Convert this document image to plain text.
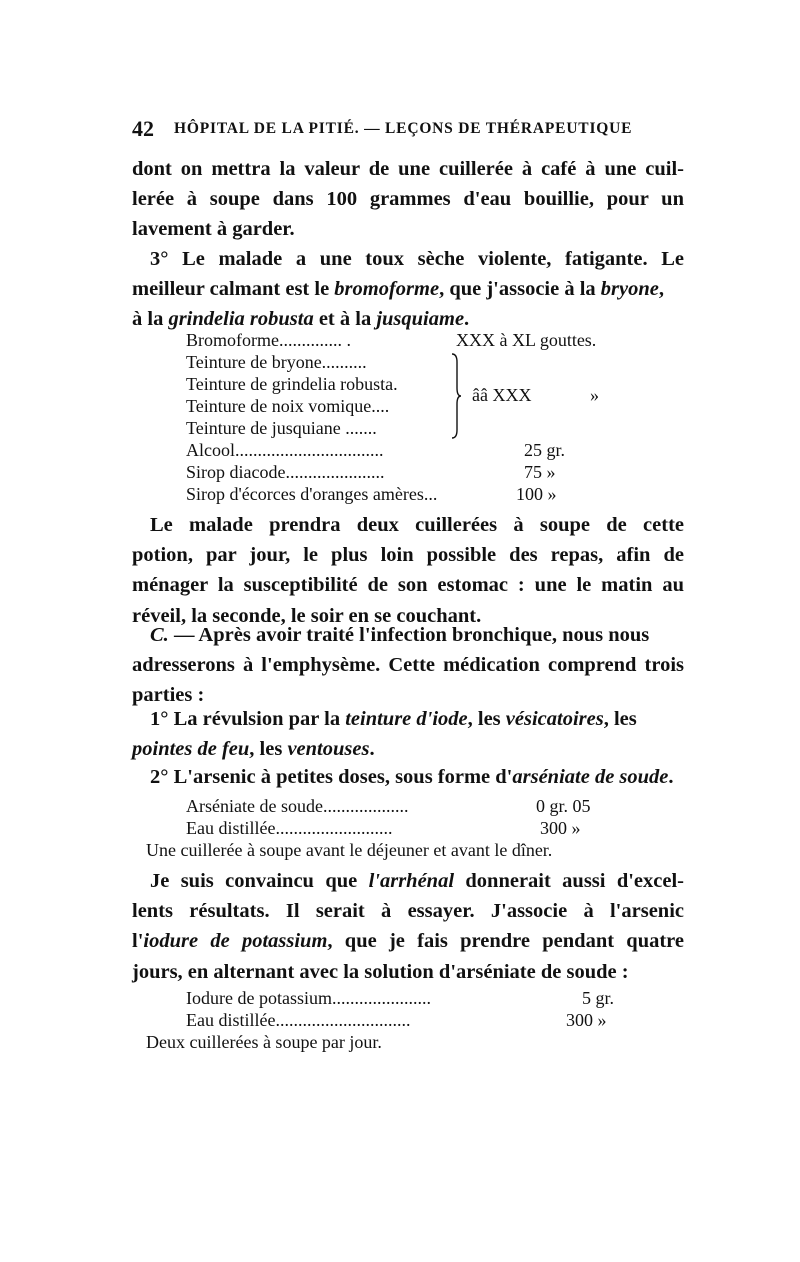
42 HÔPITAL DE LA PITIÉ. — LEÇONS DE THÉRAPEUTIQUE
dont on mettra la valeur de une cuillerée à café à une cuil-
lerée à soupe dans 100 grammes d'eau bouillie, pour un
lavement à garder.
3° Le malade a une toux sèche violente, fatigante. Le
meilleur calmant est le bromoforme, que j'associe à la bryone,
à la grindelia robusta et à la jusquiame.
Bromoforme.............. .	XXX à XL gouttes.
Teinture de bryone..........
Teinture de grindelia robusta.
Teinture de noix vomique....
Teinture de jusquiane .......
ââ XXX	»
Alcool.................................	25 gr.
Sirop diacode......................	75 »
Sirop d'écorces d'oranges amères...	100 »
Le malade prendra deux cuillerées à soupe de cette
potion, par jour, le plus loin possible des repas, afin de
ménager la susceptibilité de son estomac : une le matin au
réveil, la seconde, le soir en se couchant.
C. — Après avoir traité l'infection bronchique, nous nous
adresserons à l'emphysème. Cette médication comprend trois
parties :
1° La révulsion par la teinture d'iode, les vésicatoires, les
pointes de feu, les ventouses.
2° L'arsenic à petites doses, sous forme d'arséniate de soude.
Arséniate de soude...................	0 gr. 05
Eau distillée..........................	300 »
Une cuillerée à soupe avant le déjeuner et avant le dîner.
Je suis convaincu que l'arrhénal donnerait aussi d'excel-
lents résultats. Il serait à essayer. J'associe à l'arsenic
l'iodure de potassium, que je fais prendre pendant quatre
jours, en alternant avec la solution d'arséniate de soude :
Iodure de potassium......................	5 gr.
Eau distillée..............................	300 »
Deux cuillerées à soupe par jour.
